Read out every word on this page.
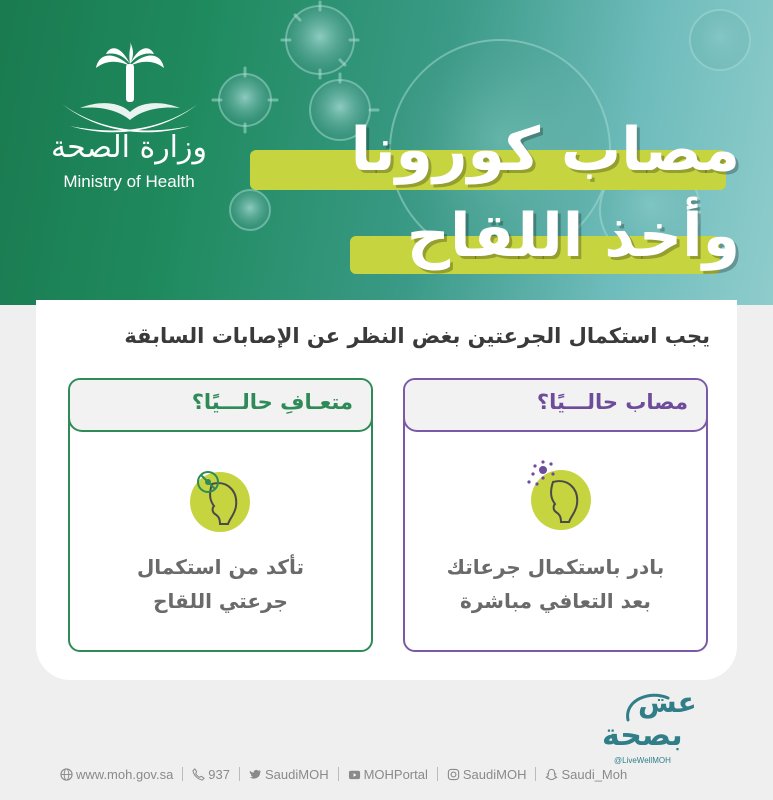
وزارة الصحة
Ministry of Health	مصاب كورونا
وأخذ اللقاح
يجب استكمال الجرعتين بغض النظر عن الإصابات السابقة
مصاب حالـــيًا؟
بادر باستكمال جرعاتك
بعد التعافي مباشرة
متعـافِ حالـــيًا؟
تأكد من استكمال
جرعتي اللقاح
عش
بصحة
@LiveWellMOH
www.moh.gov.sa	937	SaudiMOH	MOHPortal	SaudiMOH	Saudi_Moh
